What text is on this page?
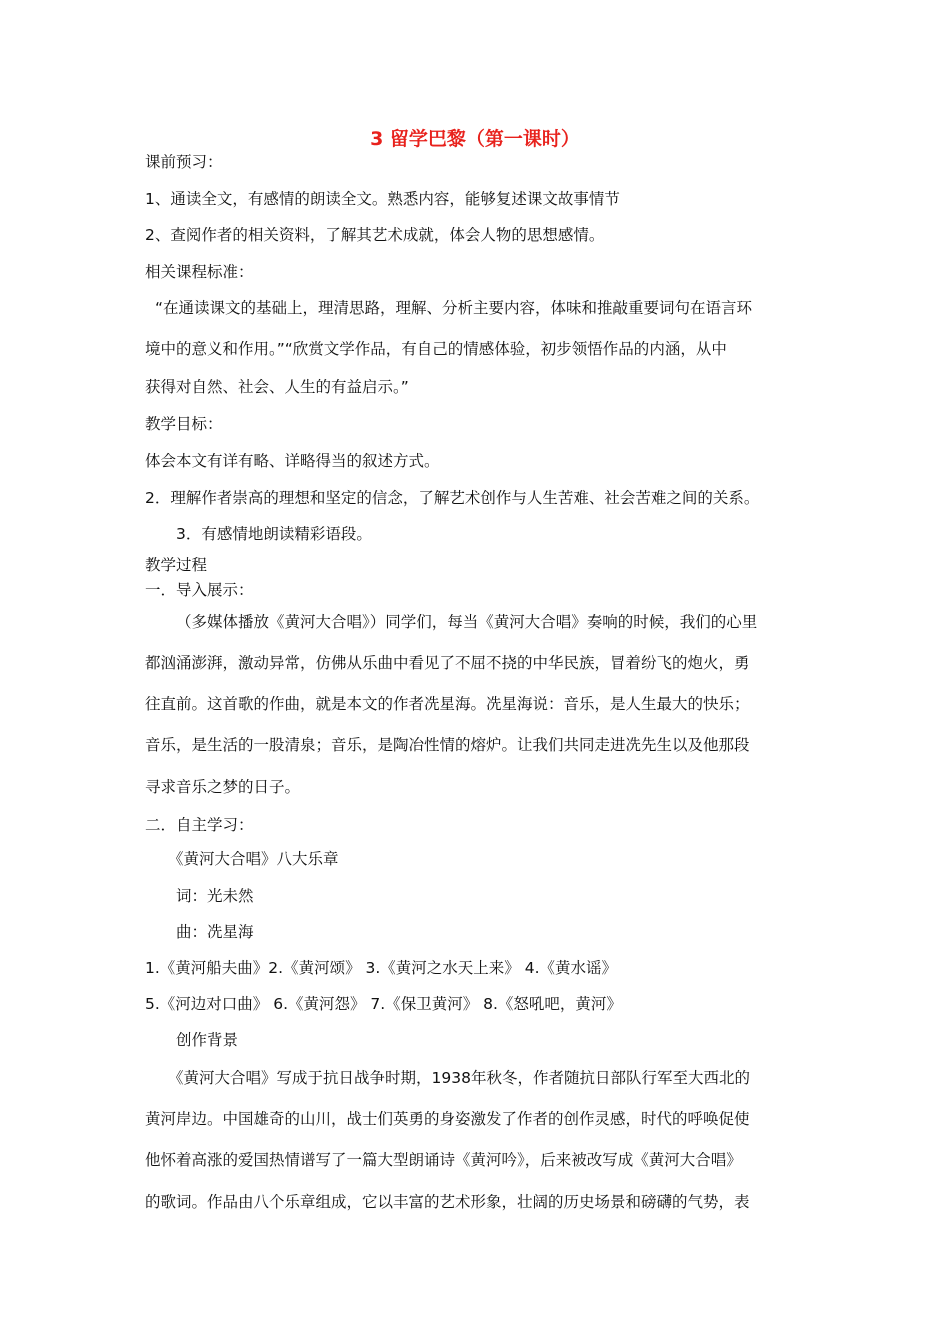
3 留学巴黎（第一课时）
课前预习：
1、通读全文，有感情的朗读全文。熟悉内容，能够复述课文故事情节
2、查阅作者的相关资料，了解其艺术成就，体会人物的思想感情。
相关课程标准：
“在通读课文的基础上，理清思路，理解、分析主要内容，体味和推敲重要词句在语言环
境中的意义和作用。”“欣赏文学作品，有自己的情感体验，初步领悟作品的内涵，从中
获得对自然、社会、人生的有益启示。”
教学目标：
体会本文有详有略、详略得当的叙述方式。
2．理解作者崇高的理想和坚定的信念，了解艺术创作与人生苦难、社会苦难之间的关系。
3．有感情地朗读精彩语段。
教学过程
一．导入展示：
（多媒体播放《黄河大合唱》）同学们，每当《黄河大合唱》奏响的时候，我们的心里
都汹涌澎湃，激动异常，仿佛从乐曲中看见了不屈不挠的中华民族，冒着纷飞的炮火，勇
往直前。这首歌的作曲，就是本文的作者冼星海。冼星海说：音乐，是人生最大的快乐；
音乐，是生活的一股清泉；音乐，是陶冶性情的熔炉。让我们共同走进冼先生以及他那段
寻求音乐之梦的日子。
二．自主学习：
《黄河大合唱》八大乐章
词：光未然
曲：冼星海
1.《黄河船夫曲》2.《黄河颂》 3.《黄河之水天上来》 4.《黄水谣》
5.《河边对口曲》 6.《黄河怨》 7.《保卫黄河》 8.《怒吼吧，黄河》
创作背景
《黄河大合唱》写成于抗日战争时期，1938年秋冬，作者随抗日部队行军至大西北的
黄河岸边。中国雄奇的山川，战士们英勇的身姿激发了作者的创作灵感，时代的呼唤促使
他怀着高涨的爱国热情谱写了一篇大型朗诵诗《黄河吟》，后来被改写成《黄河大合唱》
的歌词。作品由八个乐章组成，它以丰富的艺术形象，壮阔的历史场景和磅礴的气势，表
